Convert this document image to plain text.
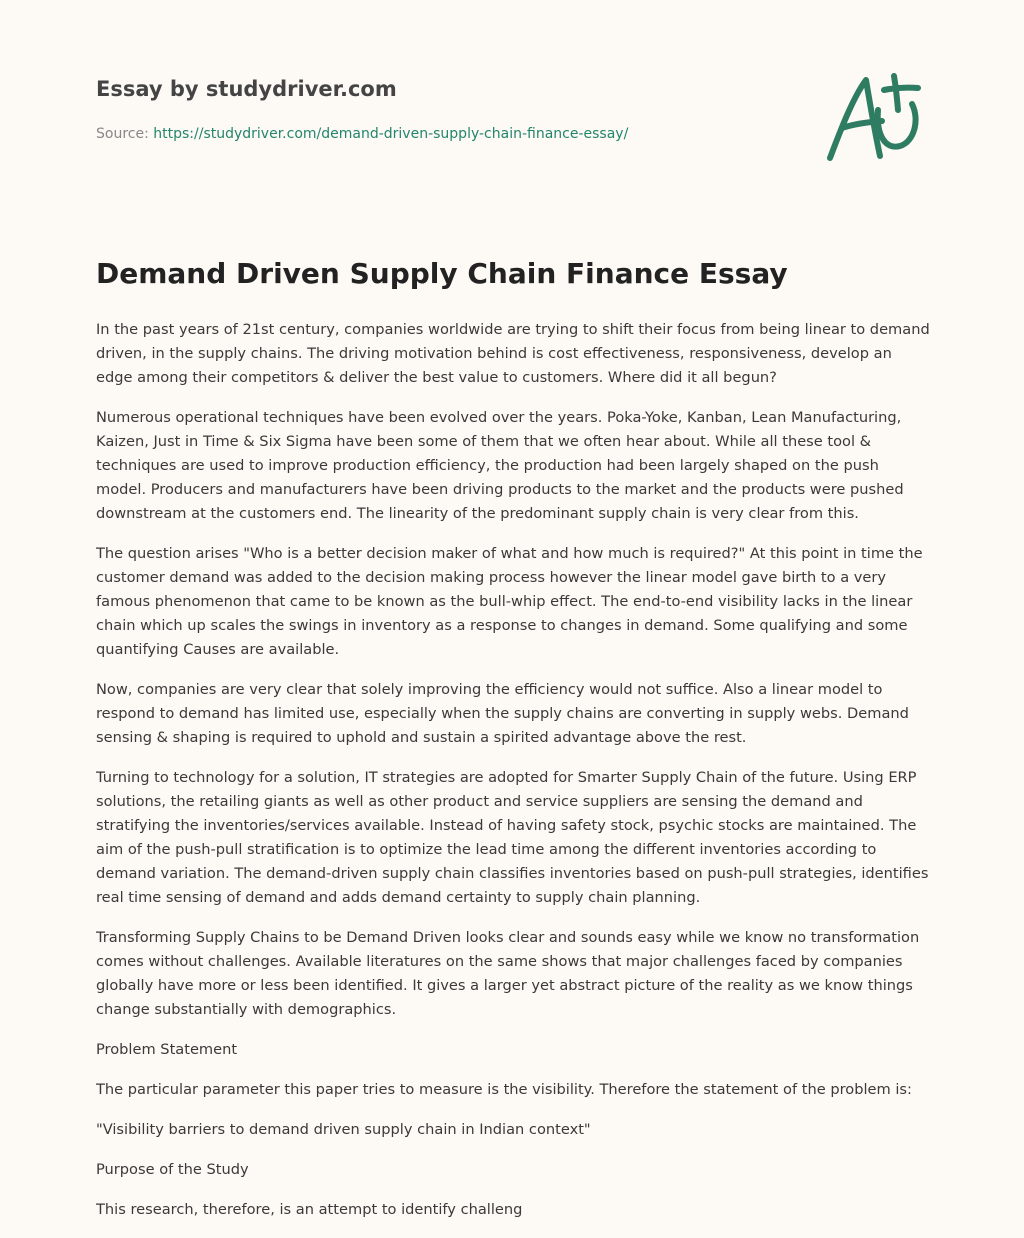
Essay by studydriver.com
Source: https://studydriver.com/demand-driven-supply-chain-finance-essay/
Demand Driven Supply Chain Finance Essay

In the past years of 21st century, companies worldwide are trying to shift their focus from being linear to demand driven, in the supply chains. The driving motivation behind is cost effectiveness, responsiveness, develop an edge among their competitors & deliver the best value to customers. Where did it all begun?

Numerous operational techniques have been evolved over the years. Poka-Yoke, Kanban, Lean Manufacturing, Kaizen, Just in Time & Six Sigma have been some of them that we often hear about. While all these tool & techniques are used to improve production efficiency, the production had been largely shaped on the push model. Producers and manufacturers have been driving products to the market and the products were pushed downstream at the customers end. The linearity of the predominant supply chain is very clear from this.

The question arises "Who is a better decision maker of what and how much is required?" At this point in time the customer demand was added to the decision making process however the linear model gave birth to a very famous phenomenon that came to be known as the bull-whip effect. The end-to-end visibility lacks in the linear chain which up scales the swings in inventory as a response to changes in demand. Some qualifying and some quantifying Causes are available.

Now, companies are very clear that solely improving the efficiency would not suffice. Also a linear model to respond to demand has limited use, especially when the supply chains are converting in supply webs. Demand sensing & shaping is required to uphold and sustain a spirited advantage above the rest.

Turning to technology for a solution, IT strategies are adopted for Smarter Supply Chain of the future. Using ERP solutions, the retailing giants as well as other product and service suppliers are sensing the demand and stratifying the inventories/services available. Instead of having safety stock, psychic stocks are maintained. The aim of the push-pull stratification is to optimize the lead time among the different inventories according to demand variation. The demand-driven supply chain classifies inventories based on push-pull strategies, identifies real time sensing of demand and adds demand certainty to supply chain planning.

Transforming Supply Chains to be Demand Driven looks clear and sounds easy while we know no transformation comes without challenges. Available literatures on the same shows that major challenges faced by companies globally have more or less been identified. It gives a larger yet abstract picture of the reality as we know things change substantially with demographics.

Problem Statement

The particular parameter this paper tries to measure is the visibility. Therefore the statement of the problem is:

"Visibility barriers to demand driven supply chain in Indian context"

Purpose of the Study

This research, therefore, is an attempt to identify challeng
